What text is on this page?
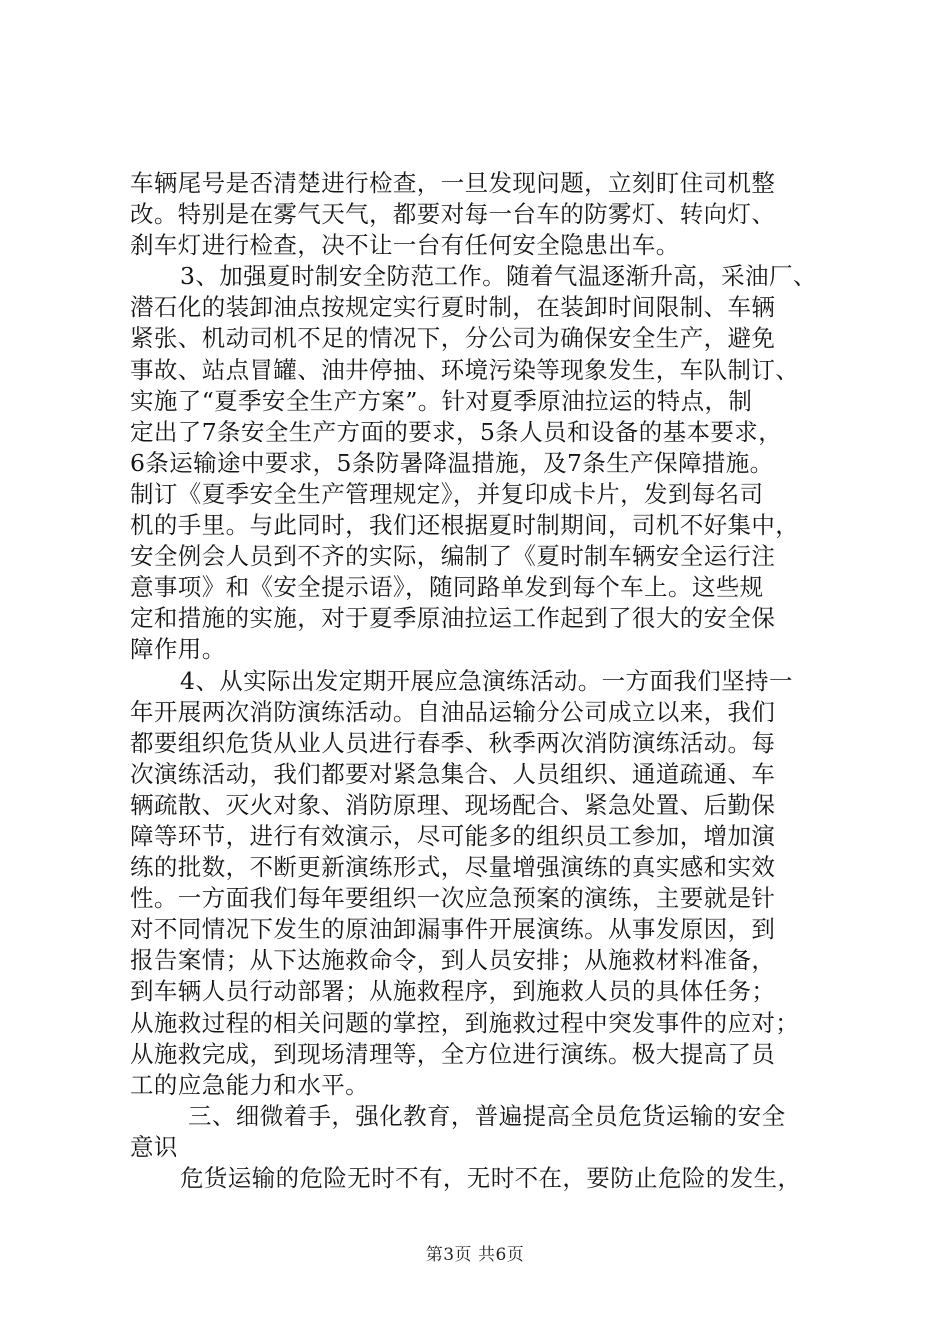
车辆尾号是否清楚进行检查，一旦发现问题，立刻盯住司机整
改。特别是在雾气天气，都要对每一台车的防雾灯、转向灯、
刹车灯进行检查，决不让一台有任何安全隐患出车。
3、加强夏时制安全防范工作。随着气温逐渐升高，采油厂、
潜石化的装卸油点按规定实行夏时制，在装卸时间限制、车辆
紧张、机动司机不足的情况下，分公司为确保安全生产，避免
事故、站点冒罐、油井停抽、环境污染等现象发生，车队制订、
实施了“夏季安全生产方案”。针对夏季原油拉运的特点，制
定出了7条安全生产方面的要求，5条人员和设备的基本要求，
6条运输途中要求，5条防暑降温措施，及7条生产保障措施。
制订《夏季安全生产管理规定》，并复印成卡片，发到每名司
机的手里。与此同时，我们还根据夏时制期间，司机不好集中，
安全例会人员到不齐的实际，编制了《夏时制车辆安全运行注
意事项》和《安全提示语》，随同路单发到每个车上。这些规
定和措施的实施，对于夏季原油拉运工作起到了很大的安全保
障作用。
4、从实际出发定期开展应急演练活动。一方面我们坚持一
年开展两次消防演练活动。自油品运输分公司成立以来，我们
都要组织危货从业人员进行春季、秋季两次消防演练活动。每
次演练活动，我们都要对紧急集合、人员组织、通道疏通、车
辆疏散、灭火对象、消防原理、现场配合、紧急处置、后勤保
障等环节，进行有效演示，尽可能多的组织员工参加，增加演
练的批数，不断更新演练形式，尽量增强演练的真实感和实效
性。一方面我们每年要组织一次应急预案的演练，主要就是针
对不同情况下发生的原油卸漏事件开展演练。从事发原因，到
报告案情；从下达施救命令，到人员安排；从施救材料准备，
到车辆人员行动部署；从施救程序，到施救人员的具体任务；
从施救过程的相关问题的掌控，到施救过程中突发事件的应对；
从施救完成，到现场清理等，全方位进行演练。极大提高了员
工的应急能力和水平。
三、细微着手，强化教育，普遍提高全员危货运输的安全
意识
危货运输的危险无时不有，无时不在，要防止危险的发生，
第3页 共6页
